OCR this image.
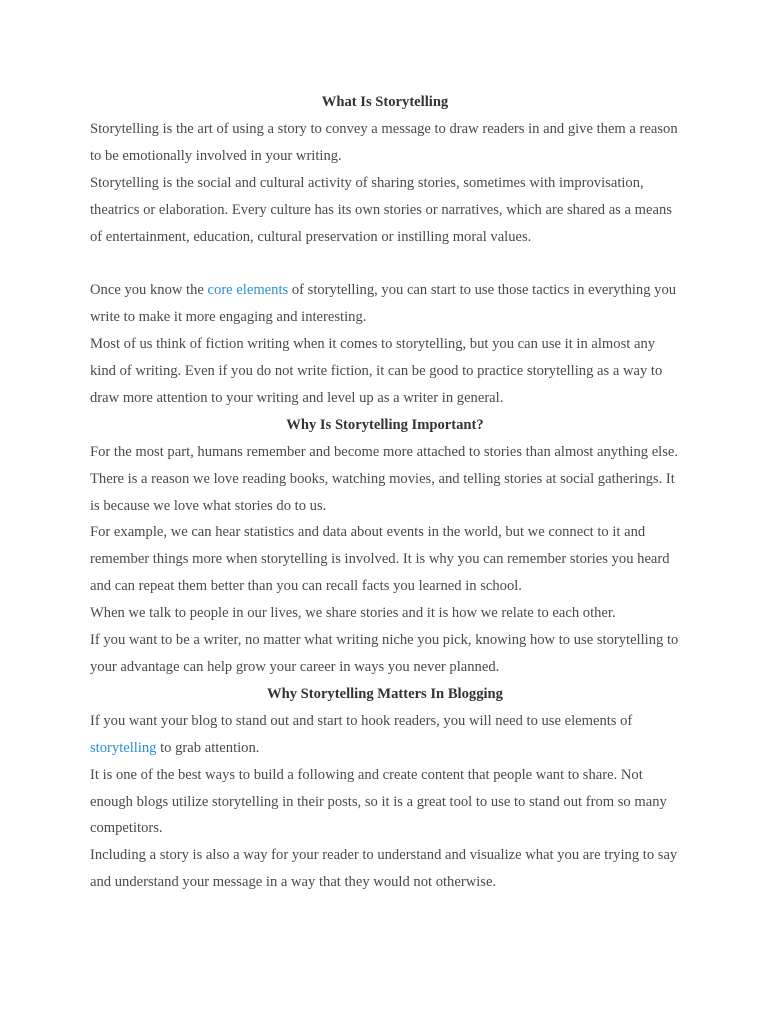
What Is Storytelling

Storytelling is the art of using a story to convey a message to draw readers in and give them a reason to be emotionally involved in your writing.

Storytelling is the social and cultural activity of sharing stories, sometimes with improvisation, theatrics or elaboration. Every culture has its own stories or narratives, which are shared as a means of entertainment, education, cultural preservation or instilling moral values.

Once you know the core elements of storytelling, you can start to use those tactics in everything you write to make it more engaging and interesting.

Most of us think of fiction writing when it comes to storytelling, but you can use it in almost any kind of writing. Even if you do not write fiction, it can be good to practice storytelling as a way to draw more attention to your writing and level up as a writer in general.

Why Is Storytelling Important?

For the most part, humans remember and become more attached to stories than almost anything else. There is a reason we love reading books, watching movies, and telling stories at social gatherings. It is because we love what stories do to us.

For example, we can hear statistics and data about events in the world, but we connect to it and remember things more when storytelling is involved. It is why you can remember stories you heard and can repeat them better than you can recall facts you learned in school.

When we talk to people in our lives, we share stories and it is how we relate to each other.

If you want to be a writer, no matter what writing niche you pick, knowing how to use storytelling to your advantage can help grow your career in ways you never planned.

Why Storytelling Matters In Blogging

If you want your blog to stand out and start to hook readers, you will need to use elements of storytelling to grab attention.

It is one of the best ways to build a following and create content that people want to share. Not enough blogs utilize storytelling in their posts, so it is a great tool to use to stand out from so many competitors.

Including a story is also a way for your reader to understand and visualize what you are trying to say and understand your message in a way that they would not otherwise.
